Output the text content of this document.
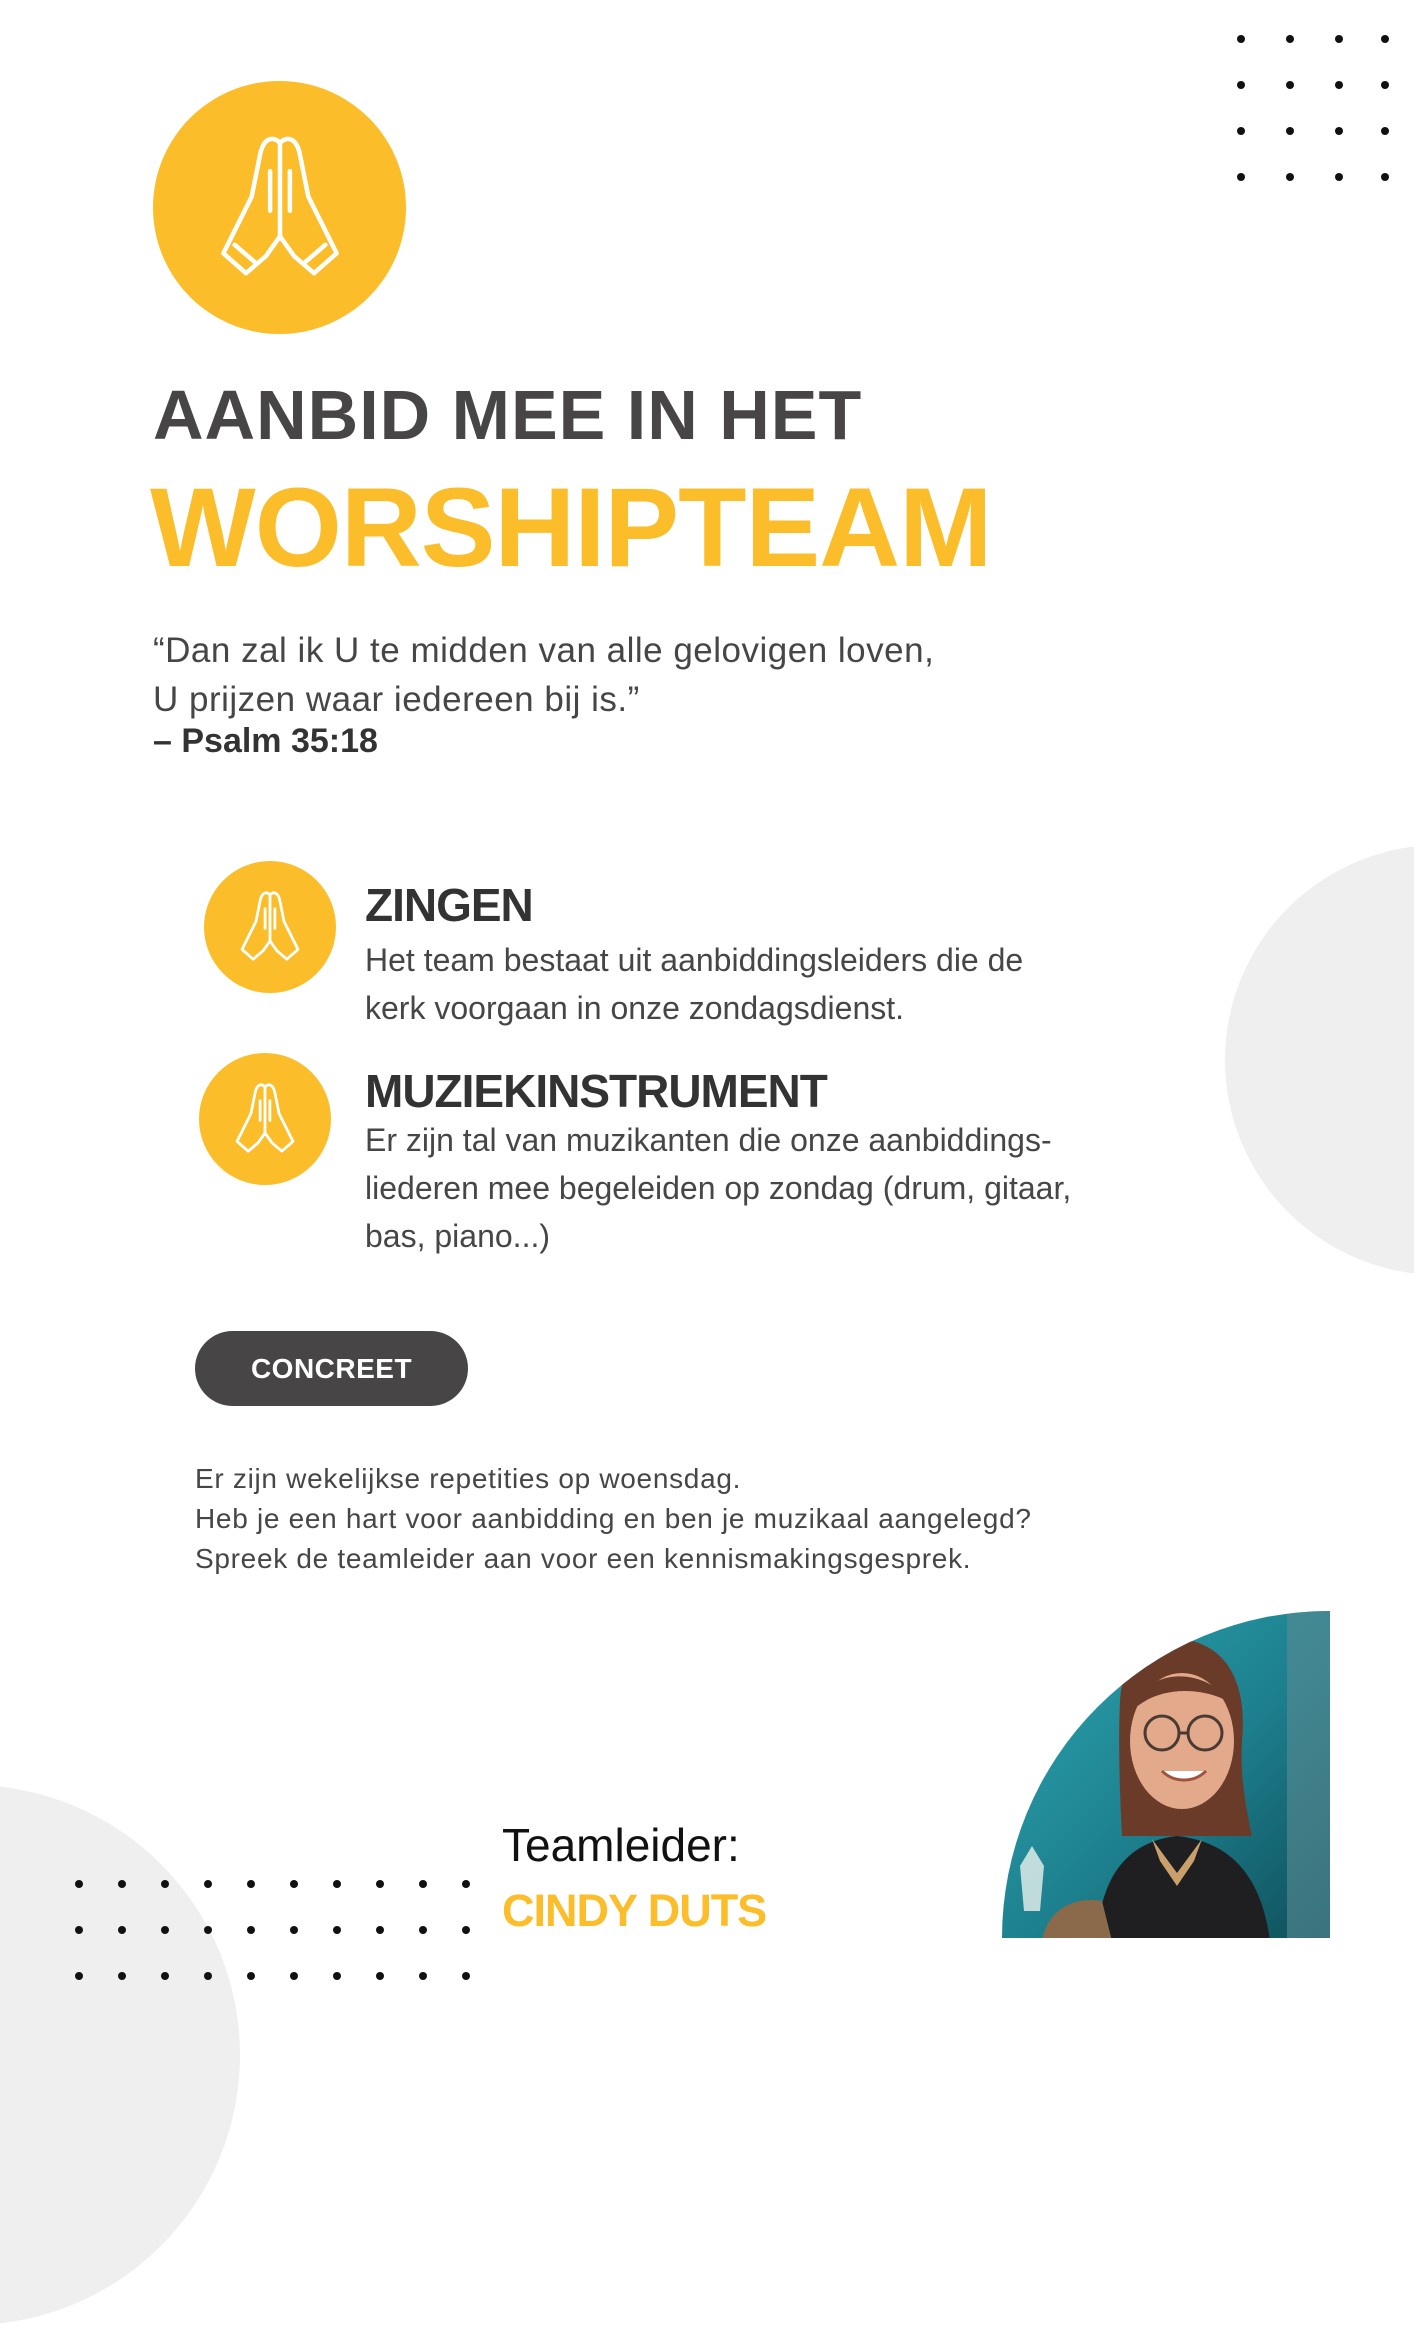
AANBID MEE IN HET
WORSHIPTEAM
“Dan zal ik U te midden van alle gelovigen loven,
U prijzen waar iedereen bij is.”
– Psalm 35:18
ZINGEN

Het team bestaat uit aanbiddingsleiders die de
kerk voorgaan in onze zondagsdienst.

MUZIEKINSTRUMENT

Er zijn tal van muzikanten die onze aanbiddings-
liederen mee begeleiden op zondag (drum, gitaar,
bas, piano...)

CONCREET
Er zijn wekelijkse repetities op woensdag.
Heb je een hart voor aanbidding en ben je muzikaal aangelegd?
Spreek de teamleider aan voor een kennismakingsgesprek.
Teamleider:
CINDY DUTS
